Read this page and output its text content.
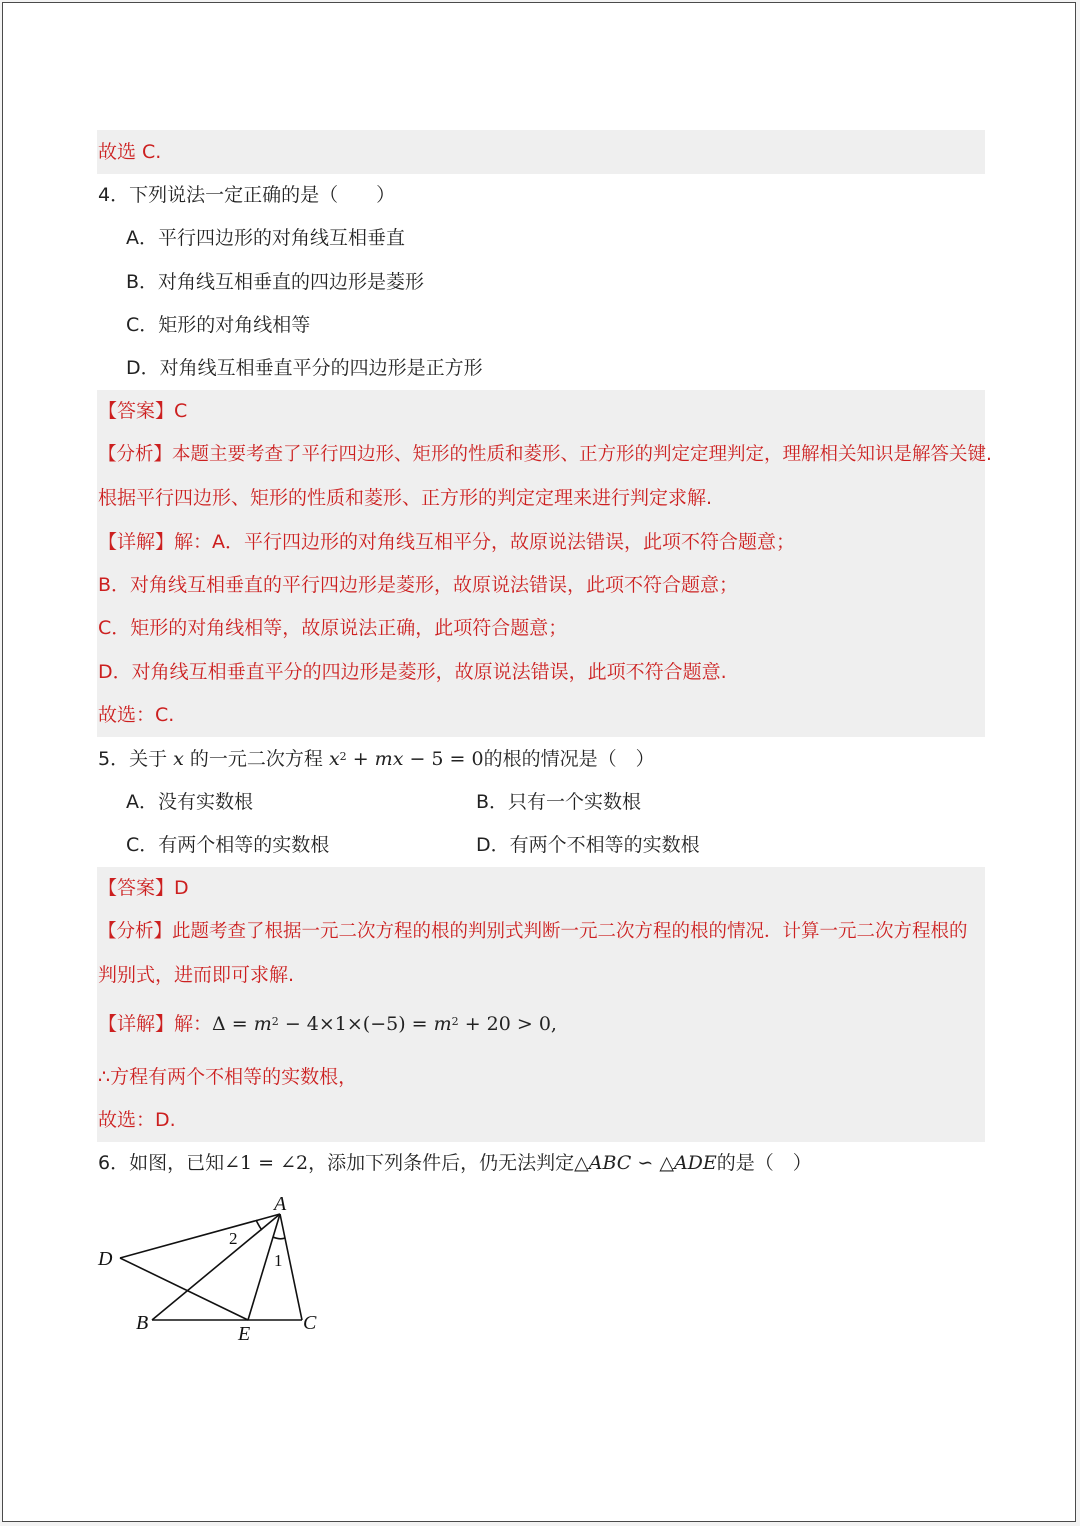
故选 C.
4．下列说法一定正确的是（　　）
A．平行四边形的对角线互相垂直
B．对角线互相垂直的四边形是菱形
C．矩形的对角线相等
D．对角线互相垂直平分的四边形是正方形
【答案】C
【分析】本题主要考查了平行四边形、矩形的性质和菱形、正方形的判定定理判定，理解相关知识是解答关键.
根据平行四边形、矩形的性质和菱形、正方形的判定定理来进行判定求解.
【详解】解：A．平行四边形的对角线互相平分，故原说法错误，此项不符合题意；
B．对角线互相垂直的平行四边形是菱形，故原说法错误，此项不符合题意；
C．矩形的对角线相等，故原说法正确，此项符合题意；
D．对角线互相垂直平分的四边形是菱形，故原说法错误，此项不符合题意.
故选：C.
5．关于 x 的一元二次方程 $x^2$ + mx − 5 = 0的根的情况是（　）
A．没有实数根	B．只有一个实数根
C．有两个相等的实数根	D．有两个不相等的实数根
【答案】D
【分析】此题考查了根据一元二次方程的根的判别式判断一元二次方程的根的情况．计算一元二次方程根的
判别式，进而即可求解.
【详解】解：$\Delta = m^2 - 4\times 1\times(-5) = m^2 + 20 > 0$,
∴方程有两个不相等的实数根，
故选：D.
6．如图，已知∠1 = ∠2，添加下列条件后，仍无法判定△ABC ∽ △ADE的是（　）
A
D
B	E	C
2
1
